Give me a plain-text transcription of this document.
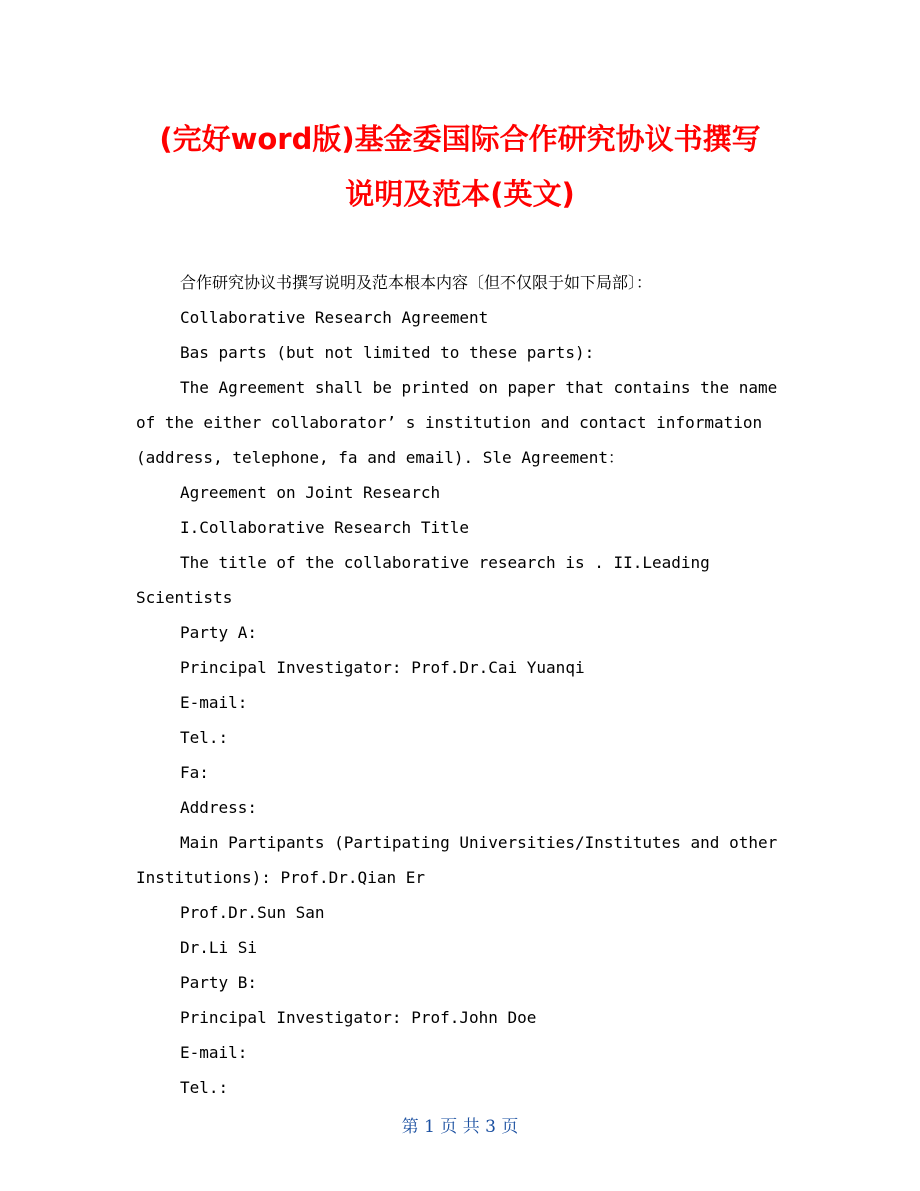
(完好word版)基金委国际合作研究协议书撰写
说明及范本(英文)

合作研究协议书撰写说明及范本根本内容〔但不仅限于如下局部〕：

Collaborative Research Agreement

Bas parts (but not limited to these parts):

The Agreement shall be printed on paper that contains the name of the either collaborator’ s institution and contact information (address, telephone, fa and email). Sle Agreement：

Agreement on Joint Research

I.Collaborative Research Title

The title of the collaborative research is . II.Leading Scientists

Party A:

Principal Investigator: Prof.Dr.Cai Yuanqi

E-mail:

Tel.:

Fa:

Address:

Main Partipants (Partipating Universities/Institutes and other Institutions): Prof.Dr.Qian Er

Prof.Dr.Sun San

Dr.Li Si

Party B:

Principal Investigator: Prof.John Doe

E-mail:

Tel.:

第 1 页 共 3 页
